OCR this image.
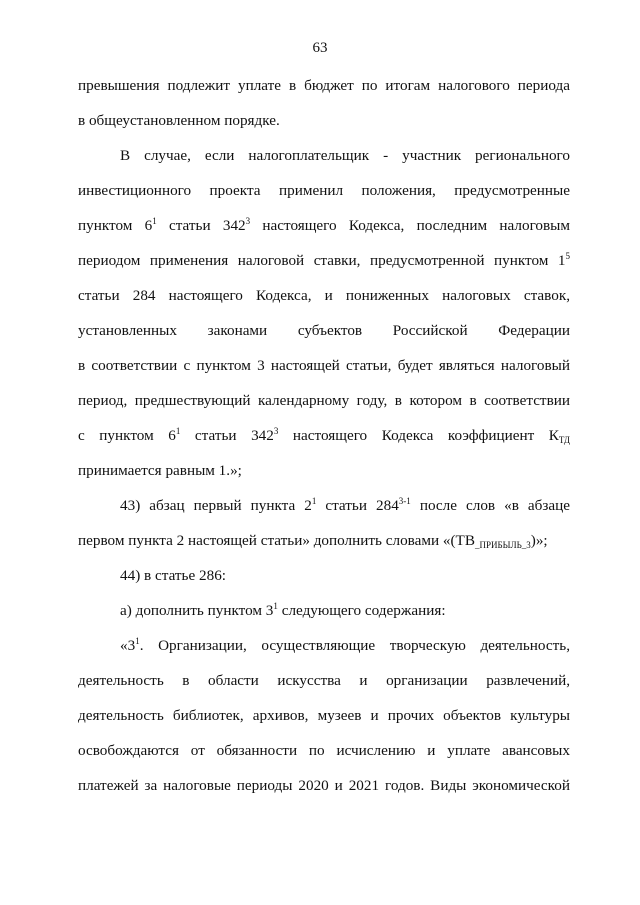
63
превышения подлежит уплате в бюджет по итогам налогового периода
в общеустановленном порядке.
В случае, если налогоплательщик - участник регионального
инвестиционного проекта применил положения, предусмотренные
пунктом $6^1$ статьи $342^3$ настоящего Кодекса, последним налоговым
периодом применения налоговой ставки, предусмотренной пунктом $1^5$
статьи 284 настоящего Кодекса, и пониженных налоговых ставок,
установленных законами субъектов Российской Федерации
в соответствии с пунктом 3 настоящей статьи, будет являться налоговый
период, предшествующий календарному году, в котором в соответствии
с пунктом $6^1$ статьи $342^3$ настоящего Кодекса коэффициент $К_{ТД}$
принимается равным 1.»;
43) абзац первый пункта $2^1$ статьи 284$^{3-1}$ после слов «в абзаце
первом пункта 2 настоящей статьи» дополнить словами «$(ТВ_{\_ПРИБЫЛЬ\_3})$»;
44) в статье 286:
а) дополнить пунктом $3^1$ следующего содержания:
«$3^1$. Организации, осуществляющие творческую деятельность,
деятельность в области искусства и организации развлечений,
деятельность библиотек, архивов, музеев и прочих объектов культуры
освобождаются от обязанности по исчислению и уплате авансовых
платежей за налоговые периоды 2020 и 2021 годов. Виды экономической
